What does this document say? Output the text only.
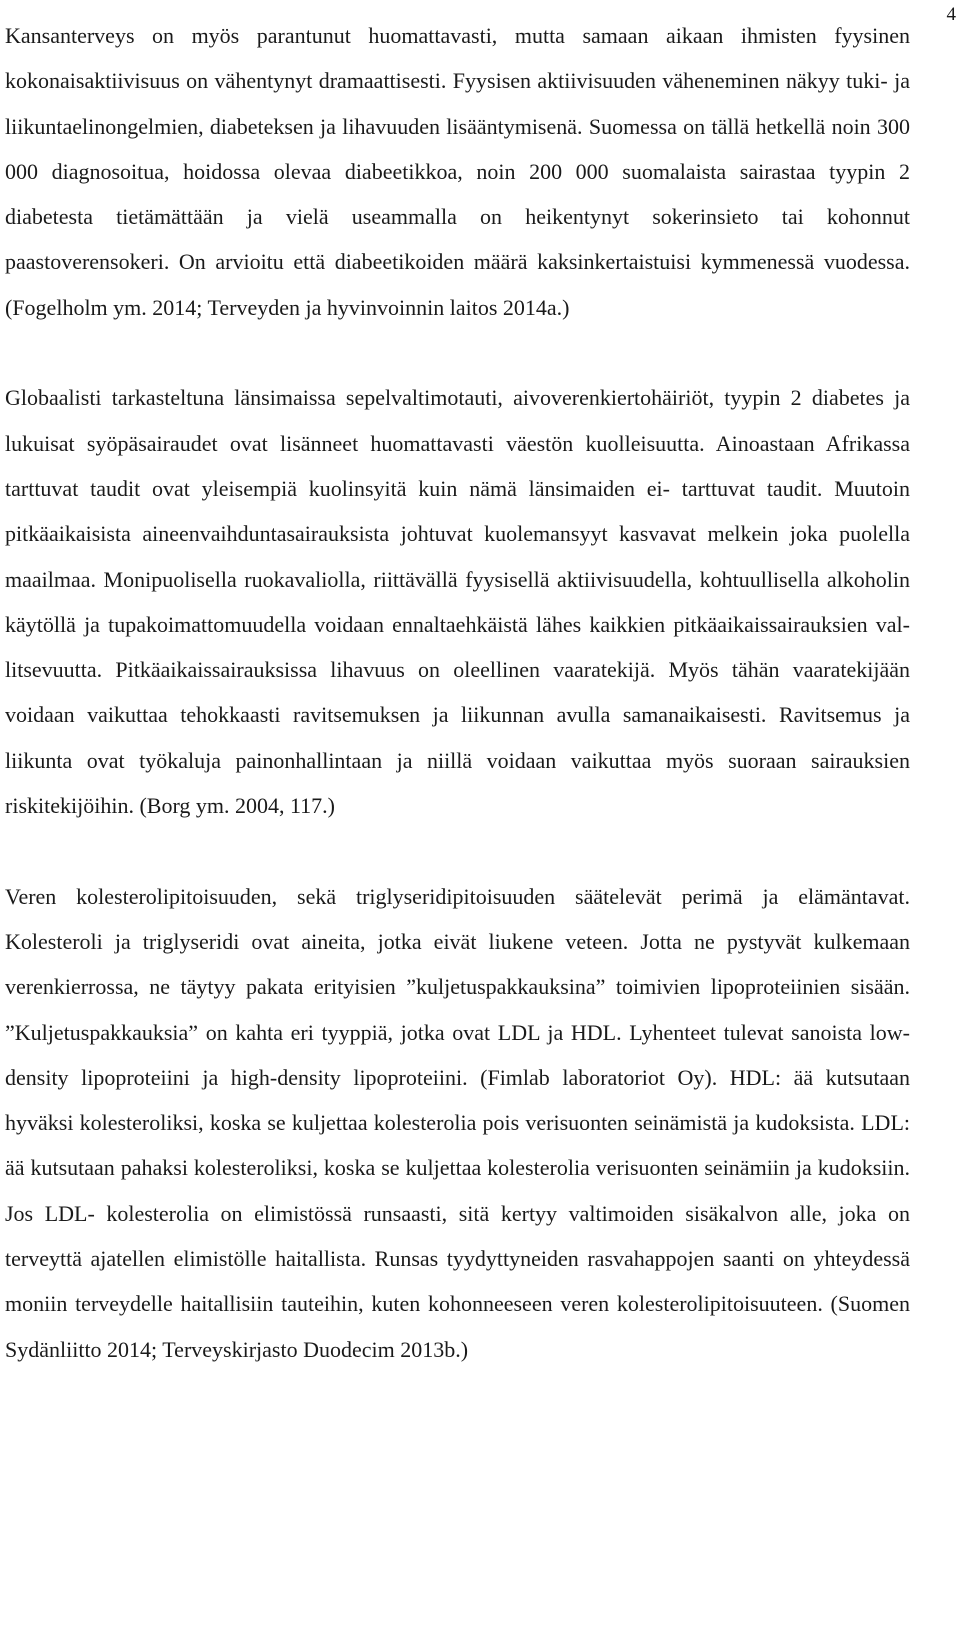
4

Kansanterveys on myös parantunut huomattavasti, mutta samaan aikaan ihmisten fyysinen kokonaisaktiivisuus on vähentynyt dramaattisesti. Fyysisen aktiivisuuden väheneminen näkyy tuki- ja liikuntaelinongelmien, diabeteksen ja lihavuuden lisääntymisenä. Suomessa on tällä hetkellä noin 300 000 diagnosoitua, hoidossa olevaa diabeetikkoa, noin 200 000 suomalaista sairastaa tyypin 2 diabetesta tietämättään ja vielä useammalla on heikentynyt sokerinsieto tai kohonnut paastoverensokeri. On arvioitu että diabeetikoiden määrä kaksinkertaistuisi kymmenessä vuodessa. (Fogelholm ym. 2014; Terveyden ja hyvinvoinnin laitos 2014a.)

Globaalisti tarkasteltuna länsimaissa sepelvaltimotauti, aivoverenkiertohäiriöt, tyypin 2 diabetes ja lukuisat syöpäsairaudet ovat lisänneet huomattavasti väestön kuolleisuutta. Ainoastaan Afrikassa tarttuvat taudit ovat yleisempiä kuolinsyitä kuin nämä länsimaiden ei- tarttuvat taudit. Muutoin pitkäaikaisista aineenvaihduntasairauksista johtuvat kuolemansyyt kasvavat melkein joka puolella maailmaa. Monipuolisella ruokavaliolla, riittävällä fyysisellä aktiivisuudella, kohtuullisella alkoholin käytöllä ja tupakoimattomuudella voidaan ennaltaehkäistä lähes kaikkien pitkäaikaissairauksien vallitsevuutta. Pitkäaikaissairauksissa lihavuus on oleellinen vaaratekijä. Myös tähän vaaratekijään voidaan vaikuttaa tehokkaasti ravitsemuksen ja liikunnan avulla samanaikaisesti. Ravitsemus ja liikunta ovat työkaluja painonhallintaan ja niillä voidaan vaikuttaa myös suoraan sairauksien riskitekijöihin. (Borg ym. 2004, 117.)

Veren kolesterolipitoisuuden, sekä triglyseridipitoisuuden säätelevät perimä ja elämäntavat. Kolesteroli ja triglyseridi ovat aineita, jotka eivät liukene veteen. Jotta ne pystyvät kulkemaan verenkierrossa, ne täytyy pakata erityisien ”kuljetuspakkauksina” toimivien lipoproteiinien sisään. ”Kuljetuspakkauksia” on kahta eri tyyppiä, jotka ovat LDL ja HDL. Lyhenteet tulevat sanoista low-density lipoproteiini ja high-density lipoproteiini. (Fimlab laboratoriot Oy). HDL: ää kutsutaan hyväksi kolesteroliksi, koska se kuljettaa kolesterolia pois verisuonten seinämistä ja kudoksista. LDL: ää kutsutaan pahaksi kolesteroliksi, koska se kuljettaa kolesterolia verisuonten seinämiin ja kudoksiin. Jos LDL- kolesterolia on elimistössä runsaasti, sitä kertyy valtimoiden sisäkalvon alle, joka on terveyttä ajatellen elimistölle haitallista. Runsas tyydyttyneiden rasvahappojen saanti on yhteydessä moniin terveydelle haitallisiin tauteihin, kuten kohonneeseen veren kolesterolipitoisuuteen. (Suomen Sydänliitto 2014; Terveyskirjasto Duodecim 2013b.)
